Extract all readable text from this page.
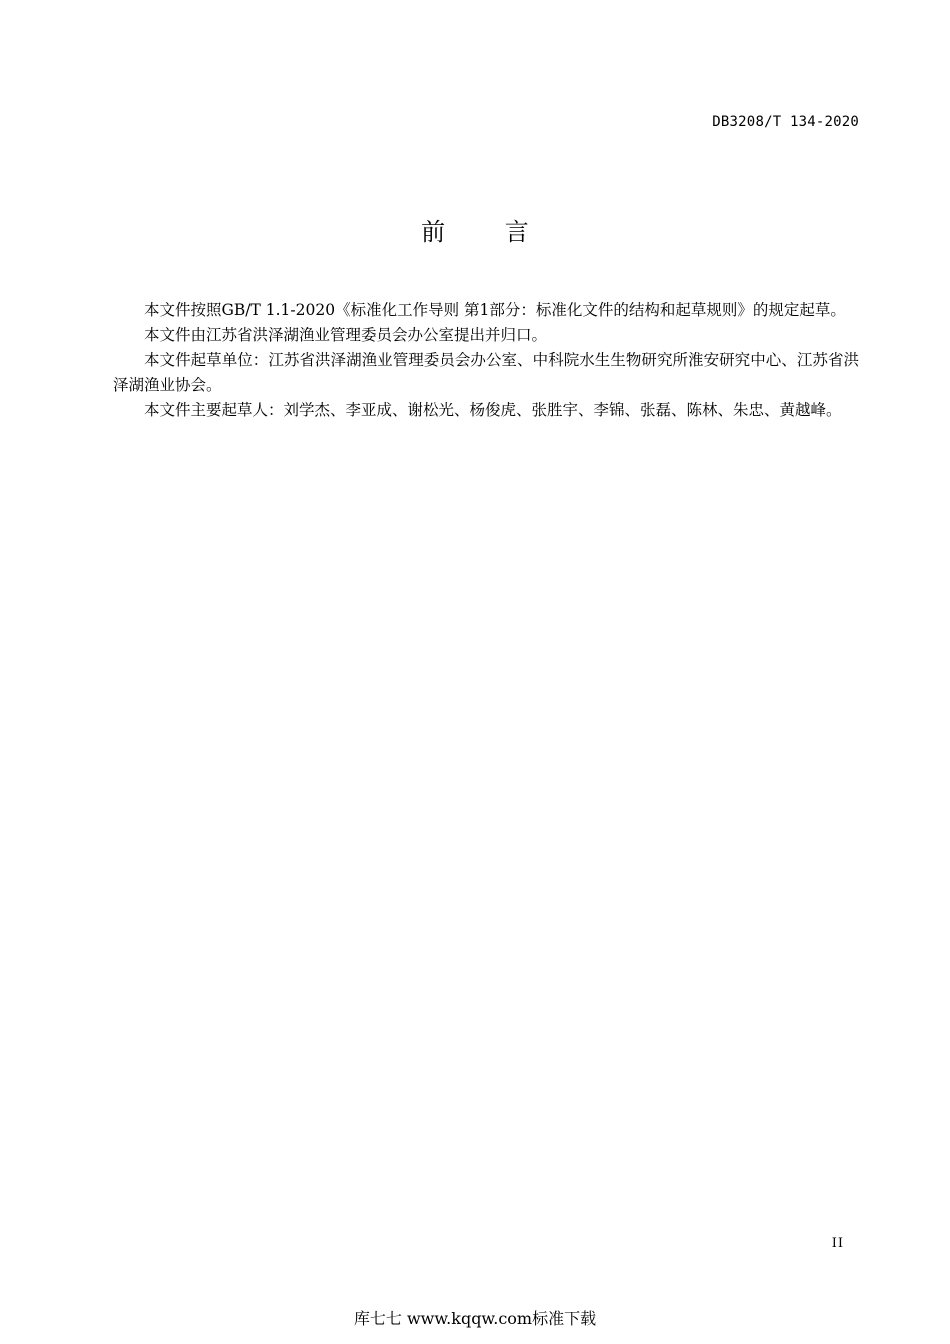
DB3208/T 134-2020
前 言

本文件按照GB/T 1.1-2020《标准化工作导则 第1部分：标准化文件的结构和起草规则》的规定起草。

本文件由江苏省洪泽湖渔业管理委员会办公室提出并归口。

本文件起草单位：江苏省洪泽湖渔业管理委员会办公室、中科院水生生物研究所淮安研究中心、江苏省洪泽湖渔业协会。

本文件主要起草人：刘学杰、李亚成、谢松光、杨俊虎、张胜宇、李锦、张磊、陈林、朱忠、黄越峰。

II
库七七 www.kqqw.com标准下载
